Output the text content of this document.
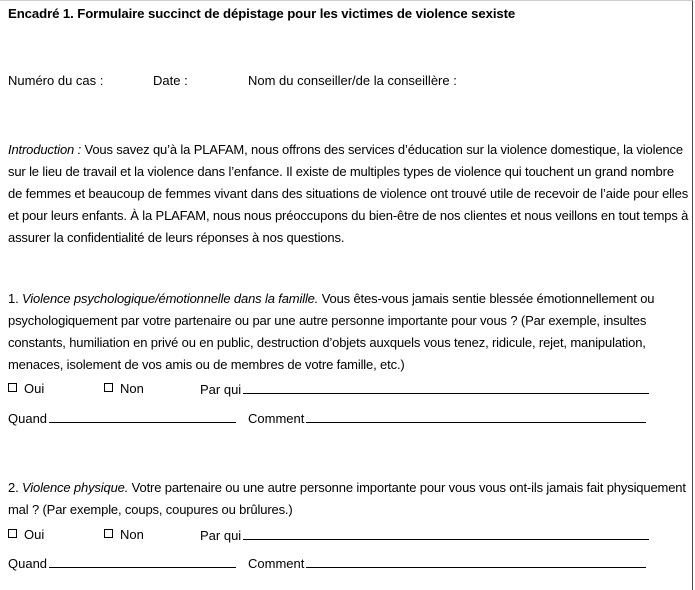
Encadré 1. Formulaire succinct de dépistage pour les victimes de violence sexiste
Numéro du cas :	Date :	Nom du conseiller/de la conseillère :
Introduction : Vous savez qu’à la PLAFAM, nous offrons des services d’éducation sur la violence domestique, la violence sur le lieu de travail et la violence dans l’enfance. Il existe de multiples types de violence qui touchent un grand nombre de femmes et beaucoup de femmes vivant dans des situations de violence ont trouvé utile de recevoir de l’aide pour elles et pour leurs enfants. À la PLAFAM, nous nous préoccupons du bien-être de nos clientes et nous veillons en tout temps à assurer la confidentialité de leurs réponses à nos questions.
1. Violence psychologique/émotionnelle dans la famille. Vous êtes-vous jamais sentie blessée émotionnellement ou psychologiquement par votre partenaire ou par une autre personne importante pour vous ? (Par exemple, insultes constants, humiliation en privé ou en public, destruction d’objets auxquels vous tenez, ridicule, rejet, manipulation, menaces, isolement de vos amis ou de membres de votre famille, etc.)
Oui	Non	Par qui
Quand	Comment
2. Violence physique. Votre partenaire ou une autre personne importante pour vous vous ont-ils jamais fait physiquement mal ? (Par exemple, coups, coupures ou brûlures.)
Oui	Non	Par qui
Quand	Comment
